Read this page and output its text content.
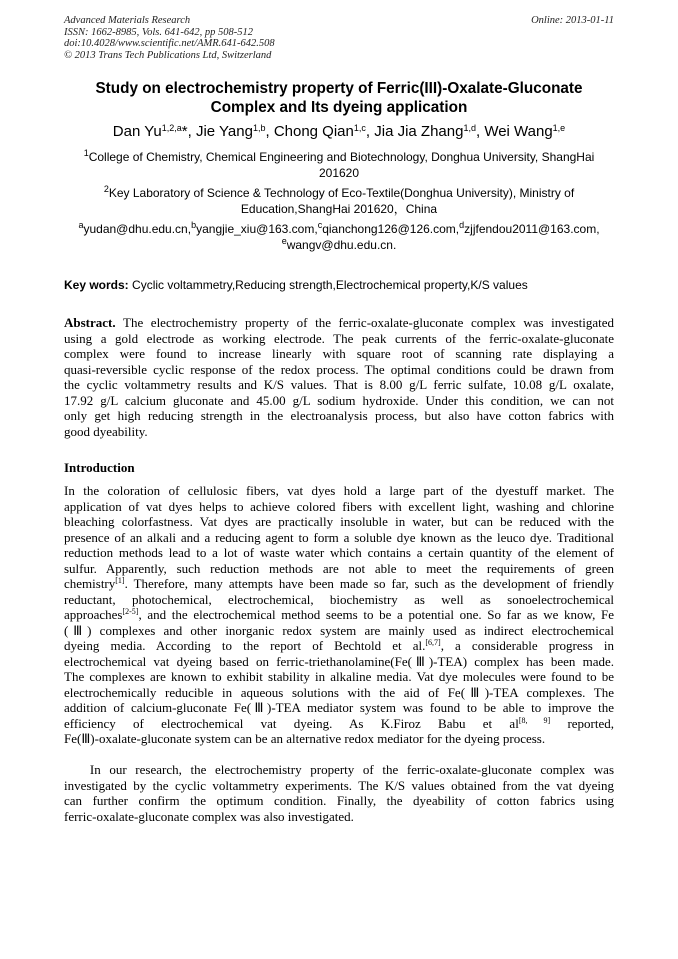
Advanced Materials Research
ISSN: 1662-8985, Vols. 641-642, pp 508-512
doi:10.4028/www.scientific.net/AMR.641-642.508
© 2013 Trans Tech Publications Ltd, Switzerland
Online: 2013-01-11
Study on electrochemistry property of Ferric(III)-Oxalate-Gluconate
Complex and Its dyeing application
Dan Yu$^{1,2,a}$*, Jie Yang$^{1,b}$, Chong Qian$^{1,c}$, Jia Jia Zhang$^{1,d}$, Wei Wang$^{1,e}$
$^1$College of Chemistry, Chemical Engineering and Biotechnology, Donghua University, ShangHai
201620
$^2$Key Laboratory of Science & Technology of Eco-Textile(Donghua University), Ministry of
Education,ShangHai 201620，China
$^a$yudan@dhu.edu.cn,$^b$yangjie_xiu@163.com,$^c$qianchong126@126.com,$^d$zjjfendou2011@163.com,
$^e$wangv@dhu.edu.cn.
Key words: Cyclic voltammetry,Reducing strength,Electrochemical property,K/S values
Abstract. The electrochemistry property of the ferric-oxalate-gluconate complex was investigated
using a gold electrode as working electrode. The peak currents of the ferric-oxalate-gluconate
complex were found to increase linearly with square root of scanning rate displaying a
quasi-reversible cyclic response of the redox process. The optimal conditions could be drawn from
the cyclic voltammetry results and K/S values. That is 8.00 g/L ferric sulfate, 10.08 g/L oxalate,
17.92 g/L calcium gluconate and 45.00 g/L sodium hydroxide. Under this condition, we can not
only get high reducing strength in the electroanalysis process, but also have cotton fabrics with
good dyeability.
Introduction
In the coloration of cellulosic fibers, vat dyes hold a large part of the dyestuff market. The
application of vat dyes helps to achieve colored fibers with excellent light, washing and chlorine
bleaching colorfastness. Vat dyes are practically insoluble in water, but can be reduced with the
presence of an alkali and a reducing agent to form a soluble dye known as the leuco dye. Traditional
reduction methods lead to a lot of waste water which contains a certain quantity of the element of
sulfur. Apparently, such reduction methods are not able to meet the requirements of green
chemistry[1]. Therefore, many attempts have been made so far, such as the development of friendly
reductant, photochemical, electrochemical, biochemistry as well as sonoelectrochemical
approaches[2-5], and the electrochemical method seems to be a potential one. So far as we know, Fe
(Ⅲ) complexes and other inorganic redox system are mainly used as indirect electrochemical
dyeing media. According to the report of Bechtold et al.[6,7], a considerable progress in
electrochemical vat dyeing based on ferric-triethanolamine(Fe(Ⅲ)-TEA) complex has been made.
The complexes are known to exhibit stability in alkaline media. Vat dye molecules were found to be
electrochemically reducible in aqueous solutions with the aid of Fe(Ⅲ)-TEA complexes. The
addition of calcium-gluconate Fe(Ⅲ)-TEA mediator system was found to be able to improve the
efficiency of electrochemical vat dyeing. As K.Firoz Babu et al[8, 9] reported,
Fe(Ⅲ)-oxalate-gluconate system can be an alternative redox mediator for the dyeing process.
In our research, the electrochemistry property of the ferric-oxalate-gluconate complex was
investigated by the cyclic voltammetry experiments. The K/S values obtained from the vat dyeing
can further confirm the optimum condition. Finally, the dyeability of cotton fabrics using
ferric-oxalate-gluconate complex was also investigated.
